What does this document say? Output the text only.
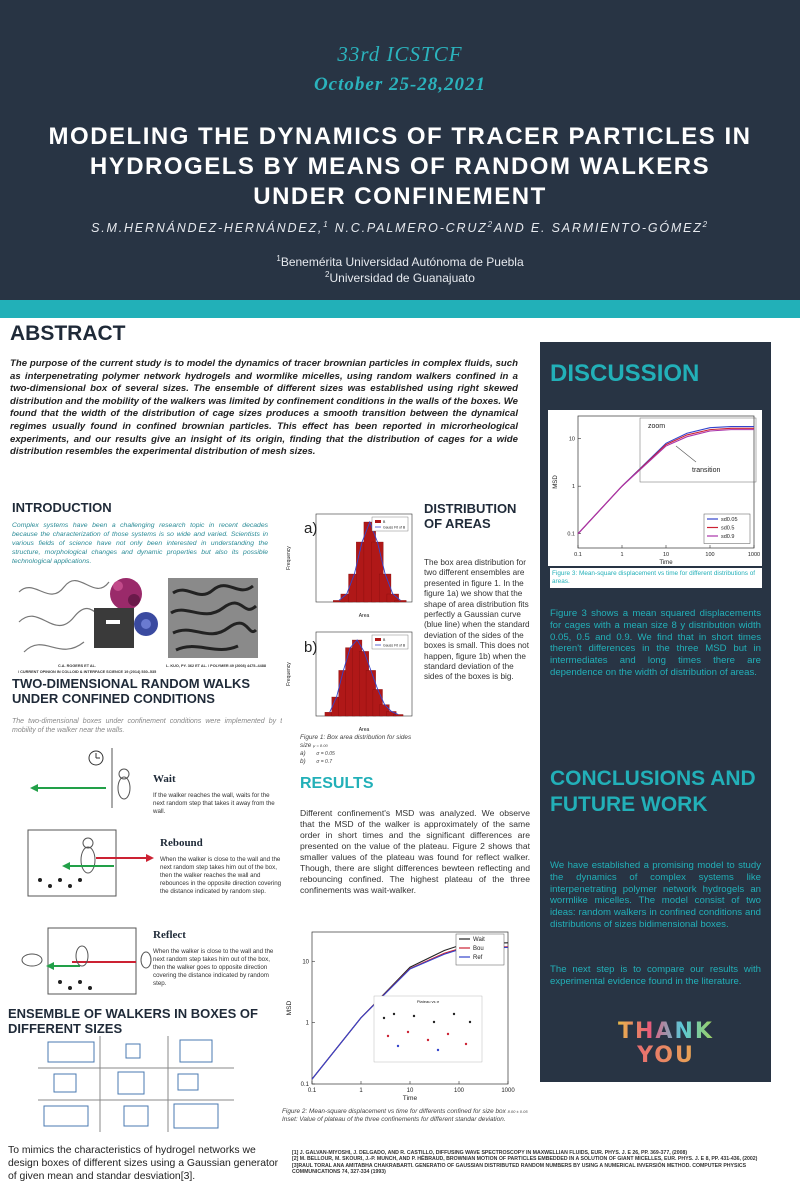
33rd ICSTCF
October 25-28,2021
MODELING THE DYNAMICS OF TRACER PARTICLES IN HYDROGELS BY MEANS OF RANDOM WALKERS UNDER CONFINEMENT
S.M.HERNÁNDEZ-HERNÁNDEZ,$^1$ N.C.PALMERO-CRUZ$^2$AND E. SARMIENTO-GÓMEZ$^2$
$^1$Benemérita Universidad Autónoma de Puebla
$^2$Universidad de Guanajuato
ABSTRACT
The purpose of the current study is to model the dynamics of tracer brownian particles in complex fluids, such as interpenetrating polymer network hydrogels and wormlike micelles, using random walkers confined in a two-dimensional box of several sizes. The ensemble of different sizes was established using right skewed distribution and the mobility of the walkers was limited by confinement conditions in the walls of the boxes. We found that the width of the distribution of cage sizes produces a smooth transition between the dynamical regimes usually found in confined brownian particles. This effect has been reported in microrheological experiments, and our results give an insight of its origin, finding that the distribution of cages for a wide distribution resembles the experimental distribution of mesh sizes.
INTRODUCTION
Complex systems have been a challenging research topic in recent decades because the characterization of those systems is so wide and varied. Scientists in various fields of science have not only been interested in understanding the structure, morphological changes and dynamic properties but also its possible technological applications.
C.A. ROGERS ET AL.
/ CURRENT OPINION IN COLLOID & INTERFACE SCIENCE 19 (2014) 530–535
L. KUO, PY. 362 ET AL. / POLYMER 49 (2008) 4475–4488
TWO-DIMENSIONAL RANDOM WALKS UNDER CONFINED CONDITIONS
The two-dimensional boxes under confinement conditions were implemented by the mobility of the walker near the walls.
Wait
If the walker reaches the wall, waits for the next random step that takes it away from the wall.
Rebound
When the walker is close to the wall and the next random step takes him out of the box, then the walker reaches the wall and rebounces in the opposite direction covering the distance indicated by random step.
Reflect
When the walker is close to the wall and the next random step takes him out of the box, then the walker goes to opposite direction covering the distance indicated by random step.
ENSEMBLE OF WALKERS IN BOXES OF DIFFERENT SIZES
To mimics the characteristics of hydrogel networks we design boxes of different sizes using a Gaussian generator of given mean and standar desviation[3].
Area
Frequency
B
Gauss Fit of B
a)
Area
Frequency
B
Gauss Fit of B
b)
Figure 1: Box area distribution for sides size μ = 8.00
a) σ = 0.05
b) σ = 0.7
DISTRIBUTION OF AREAS
The box area distribution for two different ensembles are presented in figure 1. In the figure 1a) we show that the shape of area distribution fits perfectly a Gaussian curve (blue line) when the standard deviation of the sides of the boxes is small. This does not happen, figure 1b) when the standard deviation of the sides of the boxes is big.
RESULTS
Different confinement's MSD was analyzed. We observe that the MSD of the walker is approximately of the same order in short times and the significant differences are presented on the value of the plateau. Figure 2 shows that smaller values of the plateau was found for reflect walker. Though, there are slight differences bewteen reflecting and rebouncing confined. The highest plateau of the three confinements was wait-walker.
0.1	1	10	100	1000
0.1
1
10
Time
MSD
Wait
Bou
Ref
Plateau vs σ
Figure 2: Mean-square displacement vs time for differents confined for size box 8.00 ± 0.05
Inset: Value of plateau of the three confinements for different standar deviation.
DISCUSSION
0.1	1	10	100	1000
0.1
1
10
Time
MSD
sd0.05
sd0.5
sd0.9
zoom
transition
Figure 3: Mean-square displacement vs time for different distributions of areas.
Figure 3 shows a mean squared displacements for cages with a mean size 8 y distribution width 0.05, 0.5 and 0.9. We find that in short times theren't differences in the three MSD but in intermediates and long times there are dependence on the width of distribution of areas.
CONCLUSIONS AND FUTURE WORK
We have established a promising model to study the dynamics of complex systems like interpenetrating polymer network hydrogels an wormlike micelles. The model consist of two ideas: random walkers in confined conditions and distributions of sizes bidimensional boxes.
The next step is to compare our results with experimental evidence found in the literature.
THANK
YOU
[1] J. GALVAN-MIYOSHI, J. DELGADO, AND R. CASTILLO, DIFFUSING WAVE SPECTROSCOPY IN MAXWELLIAN FLUIDS, EUR. PHYS. J. E 26, PP. 369-377, (2008)
[2] M. BELLOUR, M. SKOURI, J.-P. MUNCH, AND P. HÉBRAUD, BROWNIAN MOTION OF PARTICLES EMBEDDED IN A SOLUTION OF GIANT MICELLES, EUR. PHYS. J. E 8, PP. 431-436, (2002)
[3]RAUL TORAL ANA AMITABHA CHAKRABARTI. GENERATIO OF GAUSSIAN DISTRIBUTED RANDOM NUMBERS BY USING A NUMERICAL INVERSIÓN METHOD. COMPUTER PHYSICS COMMUNICATIONS 74, 327-334 (1993)
